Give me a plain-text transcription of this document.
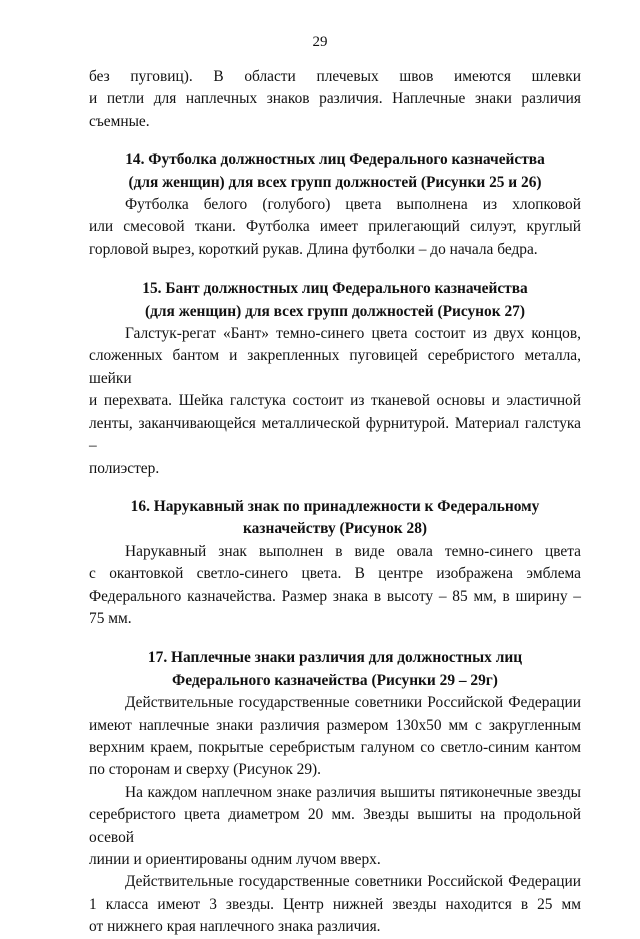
29
без пуговиц). В области плечевых швов имеются шлевки
и петли для наплечных знаков различия. Наплечные знаки различия
съемные.
14. Футболка должностных лиц Федерального казначейства
(для женщин) для всех групп должностей (Рисунки 25 и 26)
Футболка белого (голубого) цвета выполнена из хлопковой
или смесовой ткани. Футболка имеет прилегающий силуэт, круглый
горловой вырез, короткий рукав. Длина футболки – до начала бедра.
15. Бант должностных лиц Федерального казначейства
(для женщин) для всех групп должностей (Рисунок 27)
Галстук-регат «Бант» темно-синего цвета состоит из двух концов,
сложенных бантом и закрепленных пуговицей серебристого металла, шейки
и перехвата. Шейка галстука состоит из тканевой основы и эластичной
ленты, заканчивающейся металлической фурнитурой. Материал галстука –
полиэстер.
16. Нарукавный знак по принадлежности к Федеральному
казначейству (Рисунок 28)
Нарукавный знак выполнен в виде овала темно-синего цвета
с окантовкой светло-синего цвета. В центре изображена эмблема
Федерального казначейства. Размер знака в высоту – 85 мм, в ширину –
75 мм.
17. Наплечные знаки различия для должностных лиц
Федерального казначейства (Рисунки 29 – 29г)
Действительные государственные советники Российской Федерации
имеют наплечные знаки различия размером 130х50 мм с закругленным
верхним краем, покрытые серебристым галуном со светло-синим кантом
по сторонам и сверху (Рисунок 29).
На каждом наплечном знаке различия вышиты пятиконечные звезды
серебристого цвета диаметром 20 мм. Звезды вышиты на продольной осевой
линии и ориентированы одним лучом вверх.
Действительные государственные советники Российской Федерации
1 класса имеют 3 звезды. Центр нижней звезды находится в 25 мм
от нижнего края наплечного знака различия.
